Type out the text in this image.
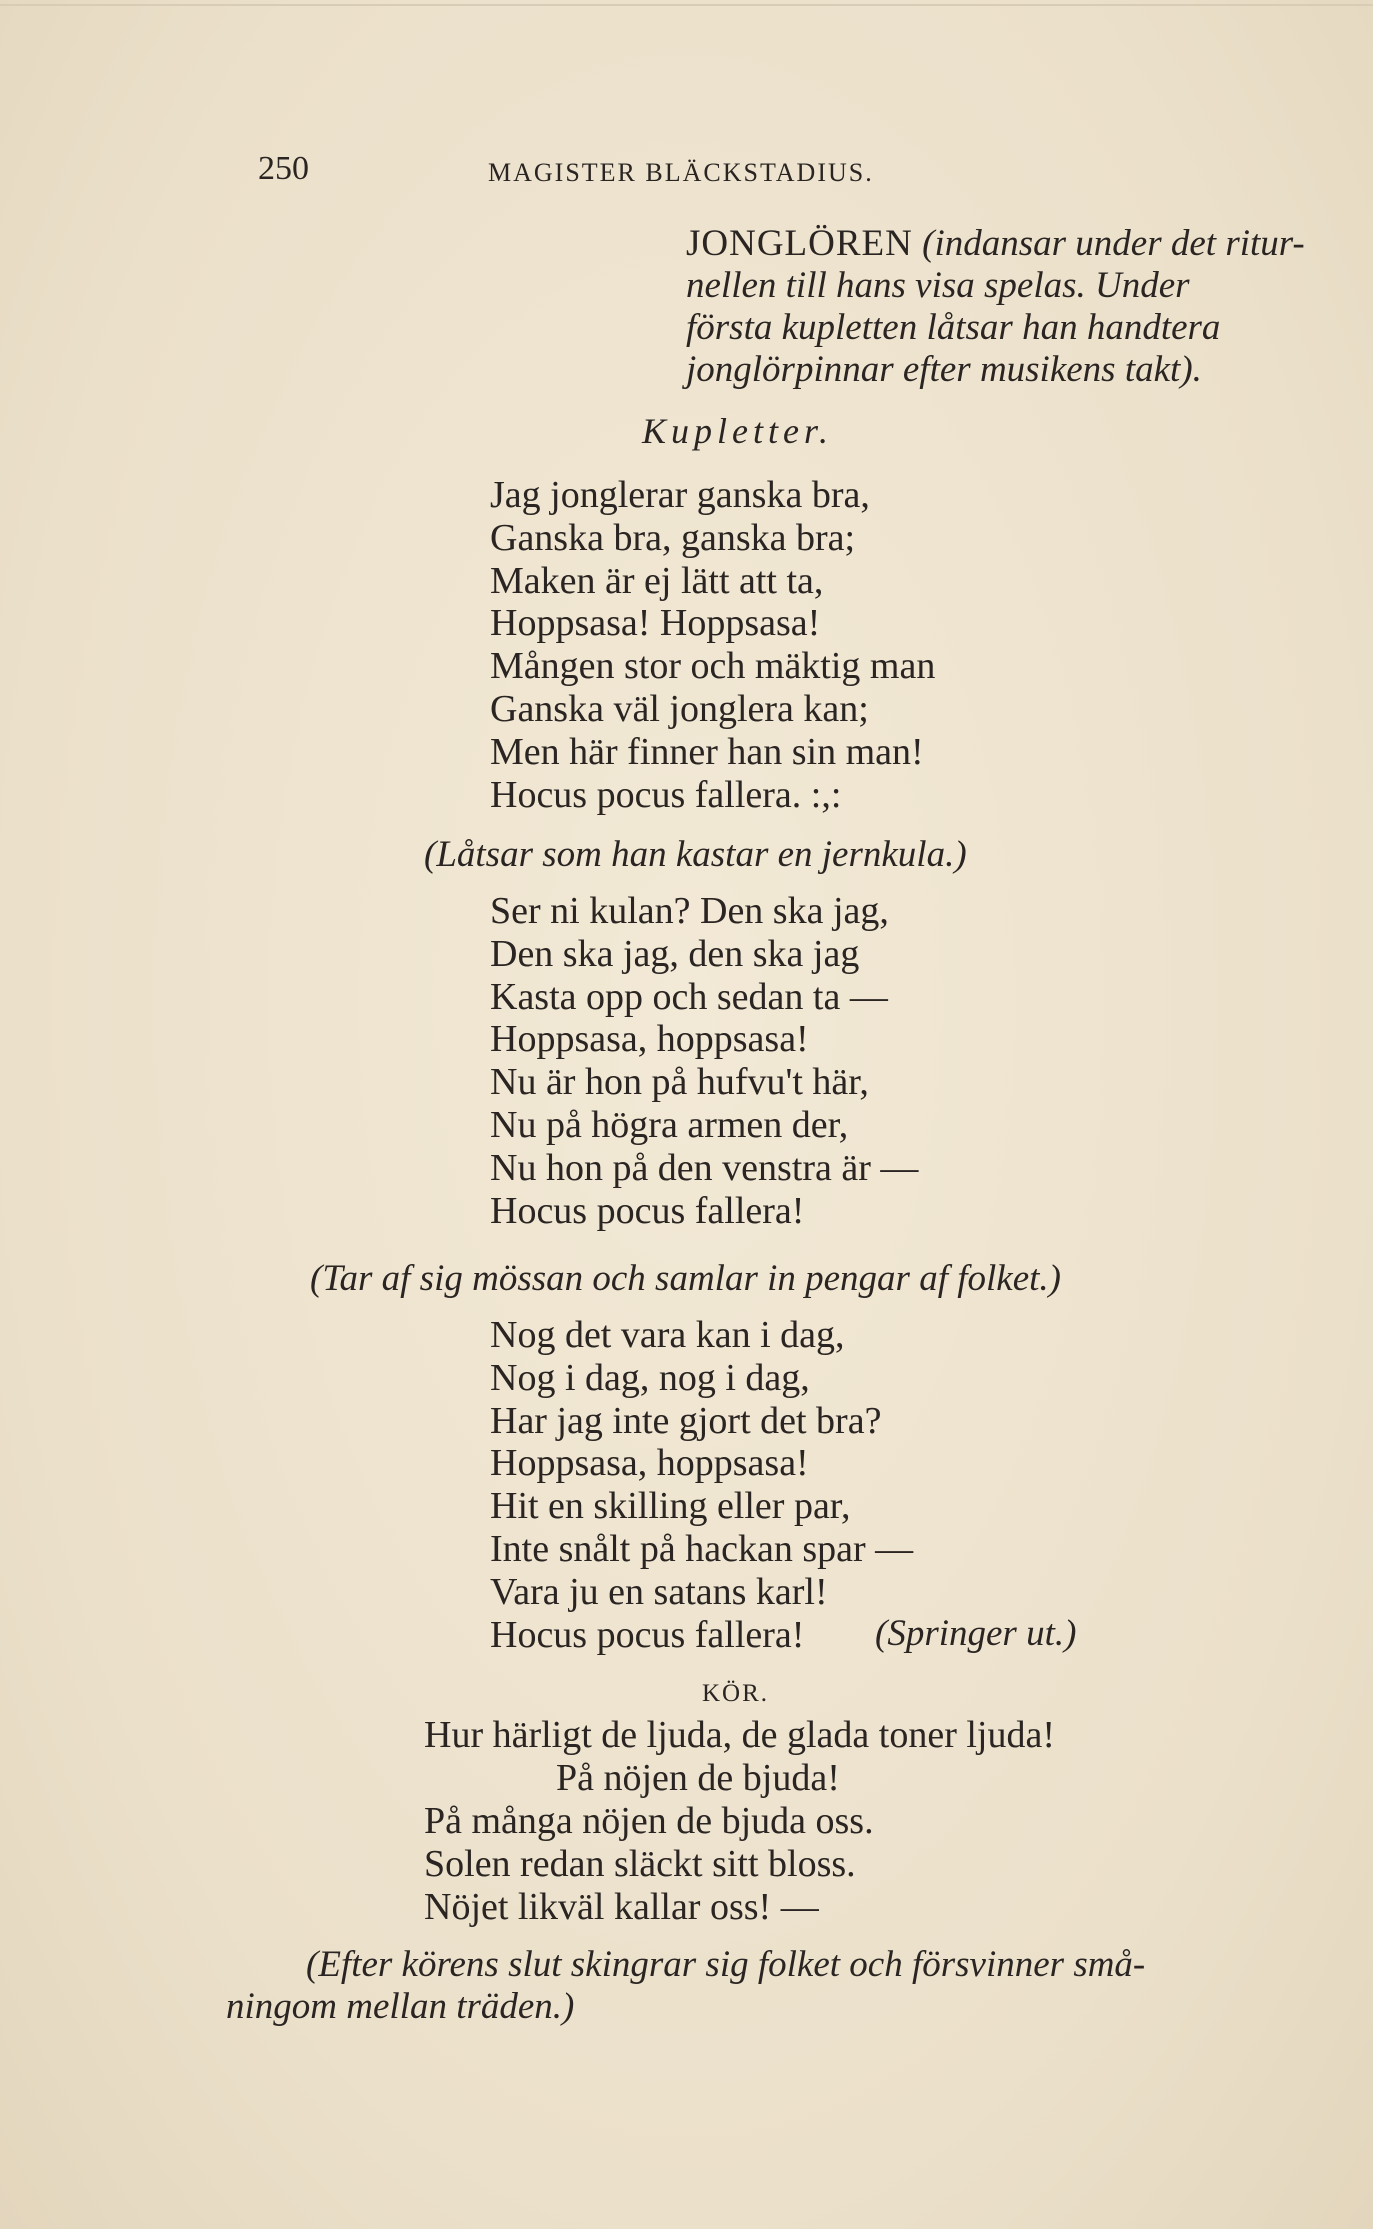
250	MAGISTER BLÄCKSTADIUS.
JONGLÖREN (indansar under det ritur-
nellen till hans visa spelas. Under
första kupletten låtsar han handtera
jonglörpinnar efter musikens takt).
Kupletter.
Jag jonglerar ganska bra,
Ganska bra, ganska bra;
Maken är ej lätt att ta,
Hoppsasa! Hoppsasa!
Mången stor och mäktig man
Ganska väl jonglera kan;
Men här finner han sin man!
Hocus pocus fallera. :,:
(Låtsar som han kastar en jernkula.)
Ser ni kulan? Den ska jag,
Den ska jag, den ska jag
Kasta opp och sedan ta —
Hoppsasa, hoppsasa!
Nu är hon på hufvu't här,
Nu på högra armen der,
Nu hon på den venstra är —
Hocus pocus fallera!
(Tar af sig mössan och samlar in pengar af folket.)
Nog det vara kan i dag,
Nog i dag, nog i dag,
Har jag inte gjort det bra?
Hoppsasa, hoppsasa!
Hit en skilling eller par,
Inte snålt på hackan spar —
Vara ju en satans karl!
Hocus pocus fallera!	(Springer ut.)
KÖR.
Hur härligt de ljuda, de glada toner ljuda!
På nöjen de bjuda!
På många nöjen de bjuda oss.
Solen redan släckt sitt bloss.
Nöjet likväl kallar oss! —
(Efter körens slut skingrar sig folket och försvinner små-
ningom mellan träden.)
